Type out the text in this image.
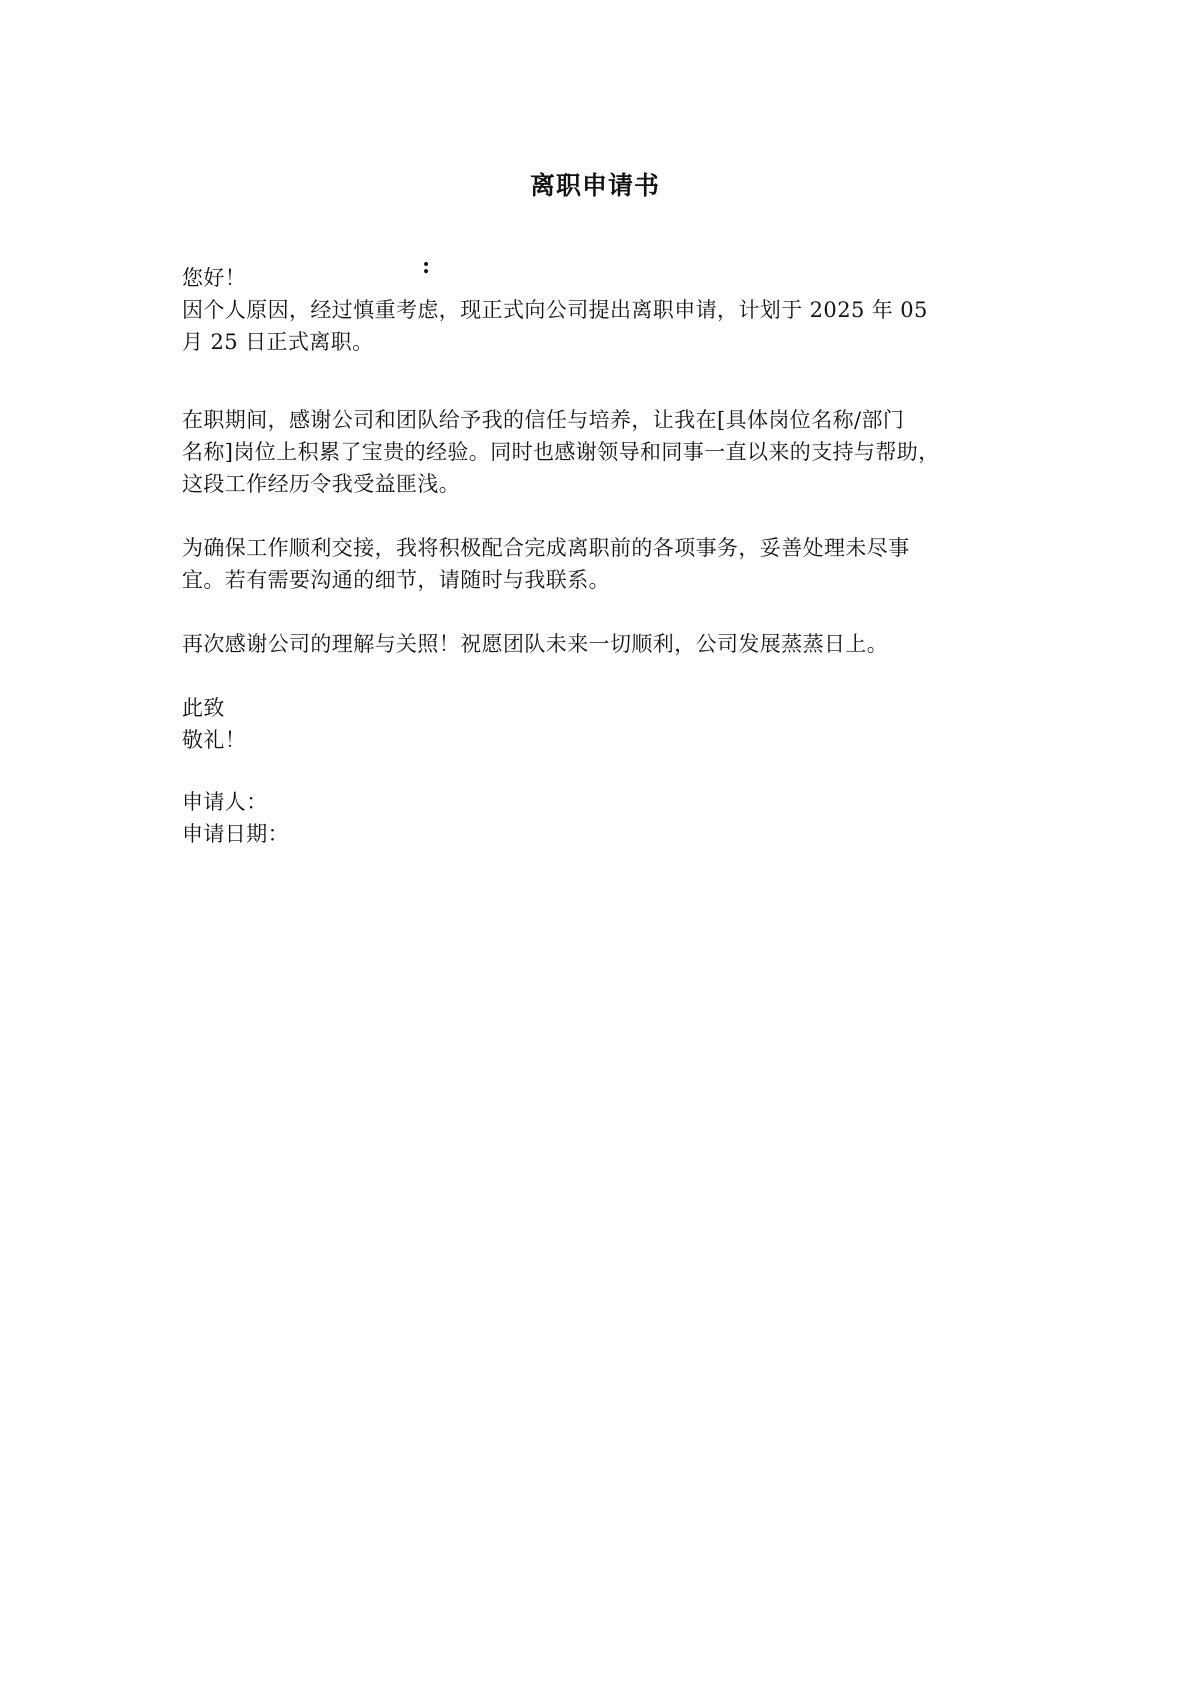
离职申请书
:
您好！
因个人原因，经过慎重考虑，现正式向公司提出离职申请，计划于 2025 年 05
月 25 日正式离职。
在职期间，感谢公司和团队给予我的信任与培养，让我在[具体岗位名称/部门
名称]岗位上积累了宝贵的经验。同时也感谢领导和同事一直以来的支持与帮助，
这段工作经历令我受益匪浅。
为确保工作顺利交接，我将积极配合完成离职前的各项事务，妥善处理未尽事
宜。若有需要沟通的细节，请随时与我联系。
再次感谢公司的理解与关照！祝愿团队未来一切顺利，公司发展蒸蒸日上。
此致
敬礼！
申请人：
申请日期：
